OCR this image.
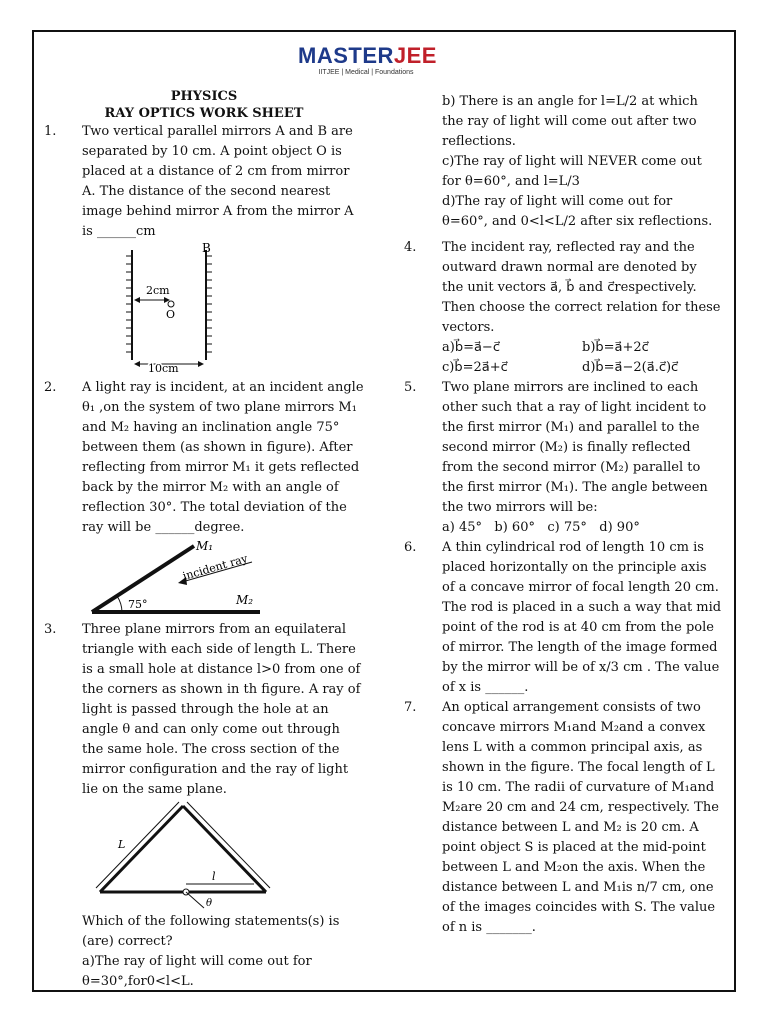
MASTERJEE
IITJEE | Medical | Foundations
PHYSICS
RAY OPTICS WORK SHEET
1.	Two vertical parallel mirrors A and B are separated by 10 cm. A point object O is placed at a distance of 2 cm from mirror A. The distance of the second nearest image behind mirror A from the mirror A is ______cm
B
2cm
O
10cm
2.	A light ray is incident, at an incident angle θ₁ ,on the system of two plane mirrors M₁ and M₂ having an inclination angle 75° between them (as shown in figure). After reflecting from mirror M₁ it gets reflected back by the mirror M₂ with an angle of reflection 30°. The total deviation of the ray will be ______degree.
M₁
M₂
incident ray
75°
3.	Three plane mirrors from an equilateral triangle with each side of length L. There is a small hole at distance l>0 from one of the corners as shown in th figure. A ray of light is passed through the hole at an angle θ and can only come out through the same hole. The cross section of the mirror configuration and the ray of light lie on the same plane.
l
θ
L
Which of the following statements(s) is (are) correct?
a)The ray of light will come out for θ=30°,for0<l<L.
b) There is an angle for l=L/2 at which the ray of light will come out after two reflections.
c)The ray of light will NEVER come out for θ=60°, and l=L/3
d)The ray of light will come out for θ=60°, and 0<l<L/2 after six reflections.
4.	The incident ray, reflected ray and the outward drawn normal are denoted by the unit vectors a⃗, b⃗ and c⃗respectively. Then choose the correct relation for these vectors.
a)b⃗=a⃗−c⃗	b)b⃗=a⃗+2c⃗
c)b⃗=2a⃗+c⃗	d)b⃗=a⃗−2(a⃗.c⃗)c⃗
5.	Two plane mirrors are inclined to each other such that a ray of light incident to the first mirror (M₁) and parallel to the second mirror (M₂) is finally reflected from the second mirror (M₂) parallel to the first mirror (M₁). The angle between the two mirrors will be:
a) 45°   b) 60°   c) 75°   d) 90°
6.	A thin cylindrical rod of length 10 cm is placed horizontally on the principle axis of a concave mirror of focal length 20 cm. The rod is placed in a such a way that mid point of the rod is at 40 cm from the pole of mirror. The length of the image formed by the mirror will be of x/3 cm . The value of x is ______.
7.	An optical arrangement consists of two concave mirrors M₁and M₂and a convex lens L with a common principal axis, as shown in the figure. The focal length of L is 10 cm. The radii of curvature of M₁and M₂are 20 cm and 24 cm, respectively. The distance between L and M₂ is 20 cm. A point object S is placed at the mid-point between L and M₂on the axis. When the distance between L and M₁is n/7 cm, one of the images coincides with S. The value of n is _______.
